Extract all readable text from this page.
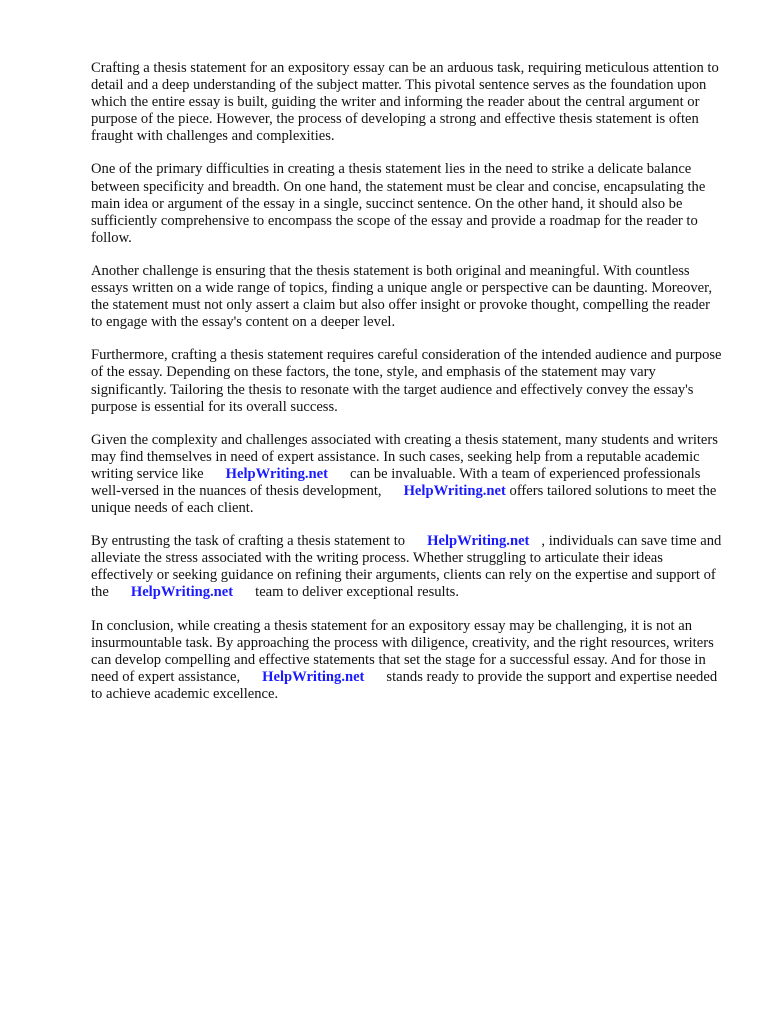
Crafting a thesis statement for an expository essay can be an arduous task, requiring meticulous attention to detail and a deep understanding of the subject matter. This pivotal sentence serves as the foundation upon which the entire essay is built, guiding the writer and informing the reader about the central argument or purpose of the piece. However, the process of developing a strong and effective thesis statement is often fraught with challenges and complexities.

One of the primary difficulties in creating a thesis statement lies in the need to strike a delicate balance between specificity and breadth. On one hand, the statement must be clear and concise, encapsulating the main idea or argument of the essay in a single, succinct sentence. On the other hand, it should also be sufficiently comprehensive to encompass the scope of the essay and provide a roadmap for the reader to follow.

Another challenge is ensuring that the thesis statement is both original and meaningful. With countless essays written on a wide range of topics, finding a unique angle or perspective can be daunting. Moreover, the statement must not only assert a claim but also offer insight or provoke thought, compelling the reader to engage with the essay's content on a deeper level.

Furthermore, crafting a thesis statement requires careful consideration of the intended audience and purpose of the essay. Depending on these factors, the tone, style, and emphasis of the statement may vary significantly. Tailoring the thesis to resonate with the target audience and effectively convey the essay's purpose is essential for its overall success.

Given the complexity and challenges associated with creating a thesis statement, many students and writers may find themselves in need of expert assistance. In such cases, seeking help from a reputable academic writing service like HelpWriting.net can be invaluable. With a team of experienced professionals well-versed in the nuances of thesis development, HelpWriting.net offers tailored solutions to meet the unique needs of each client.

By entrusting the task of crafting a thesis statement to HelpWriting.net , individuals can save time and alleviate the stress associated with the writing process. Whether struggling to articulate their ideas effectively or seeking guidance on refining their arguments, clients can rely on the expertise and support of the HelpWriting.net team to deliver exceptional results.

In conclusion, while creating a thesis statement for an expository essay may be challenging, it is not an insurmountable task. By approaching the process with diligence, creativity, and the right resources, writers can develop compelling and effective statements that set the stage for a successful essay. And for those in need of expert assistance, HelpWriting.net stands ready to provide the support and expertise needed to achieve academic excellence.
